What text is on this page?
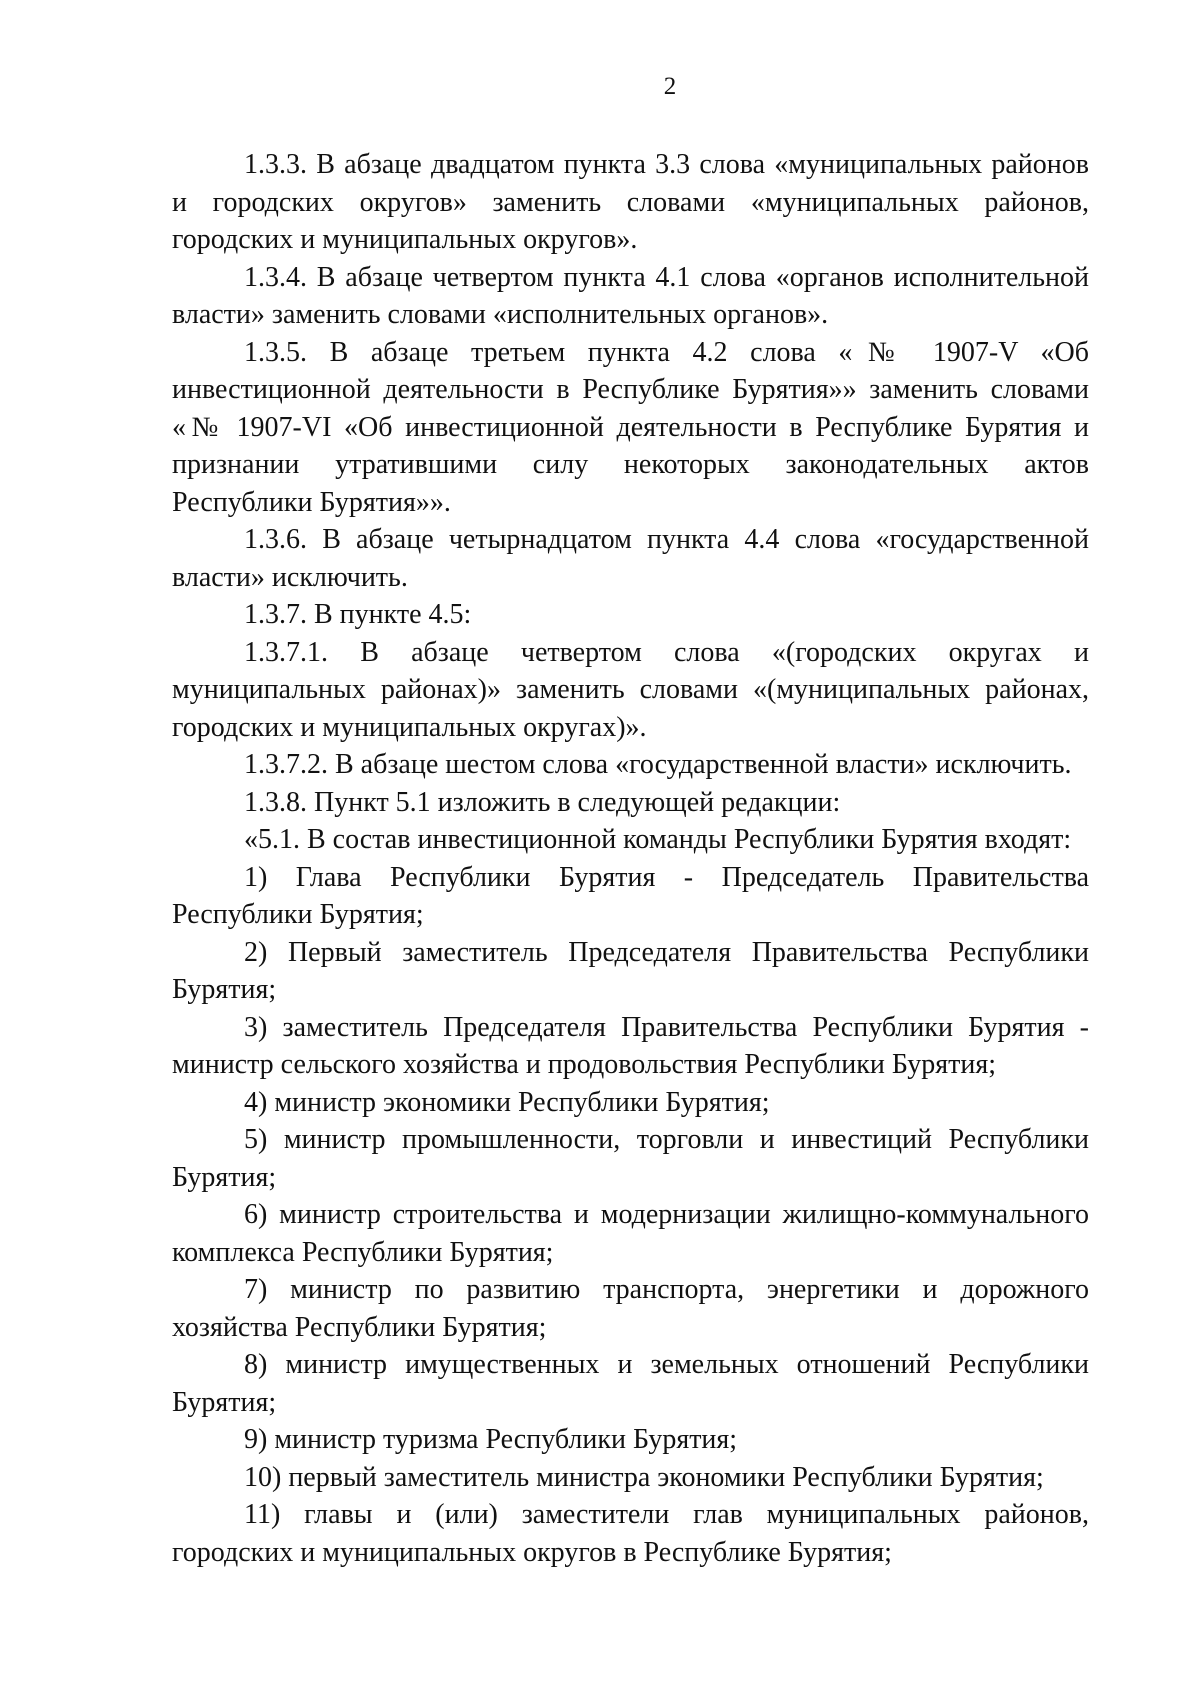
2

1.3.3. В абзаце двадцатом пункта 3.3 слова «муниципальных районов и городских округов» заменить словами «муниципальных районов, городских и муниципальных округов».

1.3.4. В абзаце четвертом пункта 4.1 слова «органов исполнительной власти» заменить словами «исполнительных органов».

1.3.5. В абзаце третьем пункта 4.2 слова «№ 1907-V «Об инвестиционной деятельности в Республике Бурятия»» заменить словами «№ 1907-VI «Об инвестиционной деятельности в Республике Бурятия и признании утратившими силу некоторых законодательных актов Республики Бурятия»».

1.3.6. В абзаце четырнадцатом пункта 4.4 слова «государственной власти» исключить.

1.3.7. В пункте 4.5:

1.3.7.1. В абзаце четвертом слова «(городских округах и муниципальных районах)» заменить словами «(муниципальных районах, городских и муниципальных округах)».

1.3.7.2. В абзаце шестом слова «государственной власти» исключить.

1.3.8. Пункт 5.1 изложить в следующей редакции:

«5.1. В состав инвестиционной команды Республики Бурятия входят:

1) Глава Республики Бурятия - Председатель Правительства Республики Бурятия;

2) Первый заместитель Председателя Правительства Республики Бурятия;

3) заместитель Председателя Правительства Республики Бурятия - министр сельского хозяйства и продовольствия Республики Бурятия;

4) министр экономики Республики Бурятия;

5) министр промышленности, торговли и инвестиций Республики Бурятия;

6) министр строительства и модернизации жилищно-коммунального комплекса Республики Бурятия;

7) министр по развитию транспорта, энергетики и дорожного хозяйства Республики Бурятия;

8) министр имущественных и земельных отношений Республики Бурятия;

9) министр туризма Республики Бурятия;

10) первый заместитель министра экономики Республики Бурятия;

11) главы и (или) заместители глав муниципальных районов, городских и муниципальных округов в Республике Бурятия;
